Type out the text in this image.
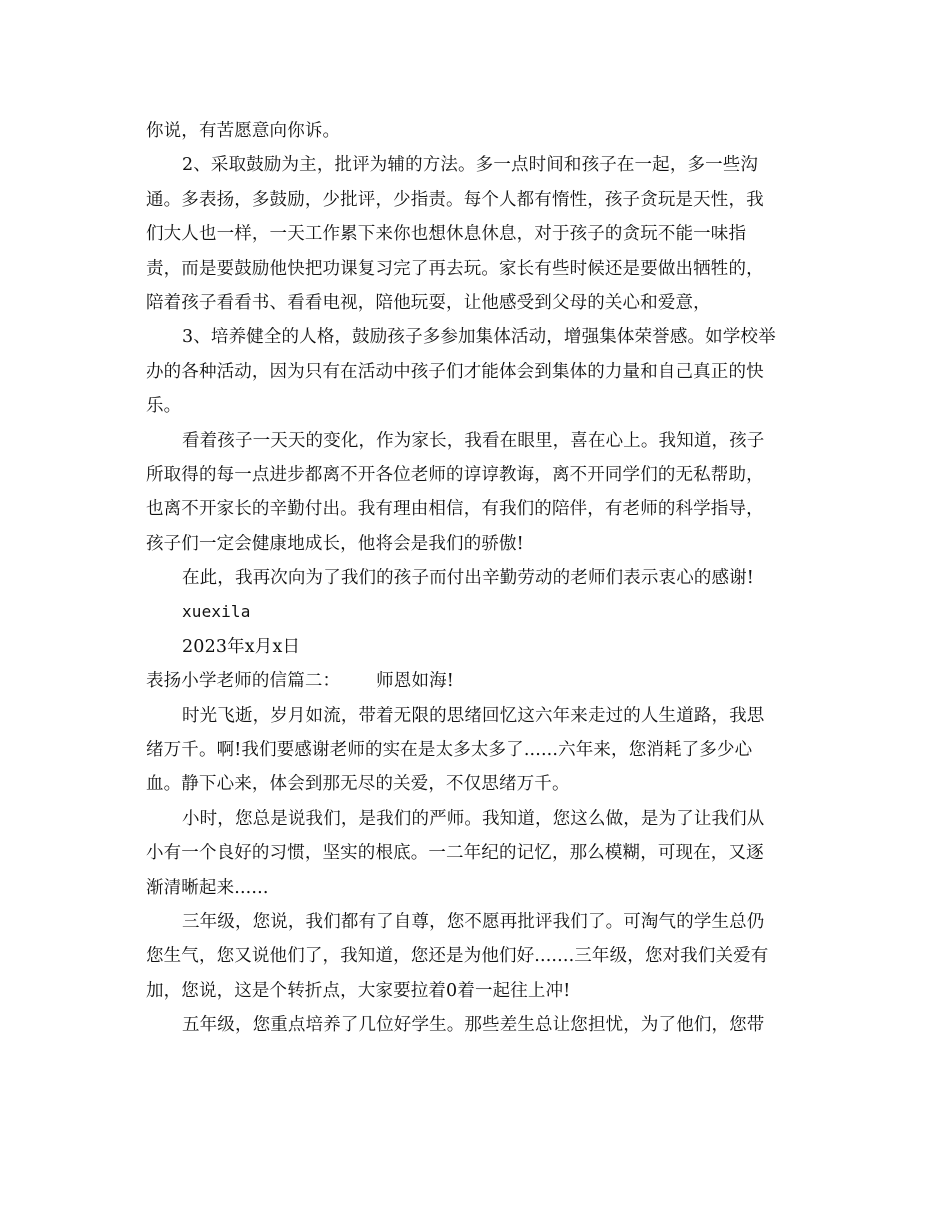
你说，有苦愿意向你诉。
2、采取鼓励为主，批评为辅的方法。多一点时间和孩子在一起，多一些沟
通。多表扬，多鼓励，少批评，少指责。每个人都有惰性，孩子贪玩是天性，我
们大人也一样，一天工作累下来你也想休息休息，对于孩子的贪玩不能一味指
责，而是要鼓励他快把功课复习完了再去玩。家长有些时候还是要做出牺牲的，
陪着孩子看看书、看看电视，陪他玩耍，让他感受到父母的关心和爱意，
3、培养健全的人格，鼓励孩子多参加集体活动，增强集体荣誉感。如学校举
办的各种活动，因为只有在活动中孩子们才能体会到集体的力量和自己真正的快
乐。
看着孩子一天天的变化，作为家长，我看在眼里，喜在心上。我知道，孩子
所取得的每一点进步都离不开各位老师的谆谆教诲，离不开同学们的无私帮助，
也离不开家长的辛勤付出。我有理由相信，有我们的陪伴，有老师的科学指导，
孩子们一定会健康地成长，他将会是我们的骄傲!
在此，我再次向为了我们的孩子而付出辛勤劳动的老师们表示衷心的感谢!
xuexila
2023年x月x日
表扬小学老师的信篇二： 师恩如海!
时光飞逝，岁月如流，带着无限的思绪回忆这六年来走过的人生道路，我思
绪万千。啊!我们要感谢老师的实在是太多太多了......六年来，您消耗了多少心
血。静下心来，体会到那无尽的关爱，不仅思绪万千。
小时，您总是说我们，是我们的严师。我知道，您这么做，是为了让我们从
小有一个良好的习惯，坚实的根底。一二年纪的记忆，那么模糊，可现在，又逐
渐清晰起来......
三年级，您说，我们都有了自尊，您不愿再批评我们了。可淘气的学生总仍
您生气，您又说他们了，我知道，您还是为他们好.......三年级，您对我们关爱有
加，您说，这是个转折点，大家要拉着0着一起往上冲!
五年级，您重点培养了几位好学生。那些差生总让您担忧，为了他们，您带
